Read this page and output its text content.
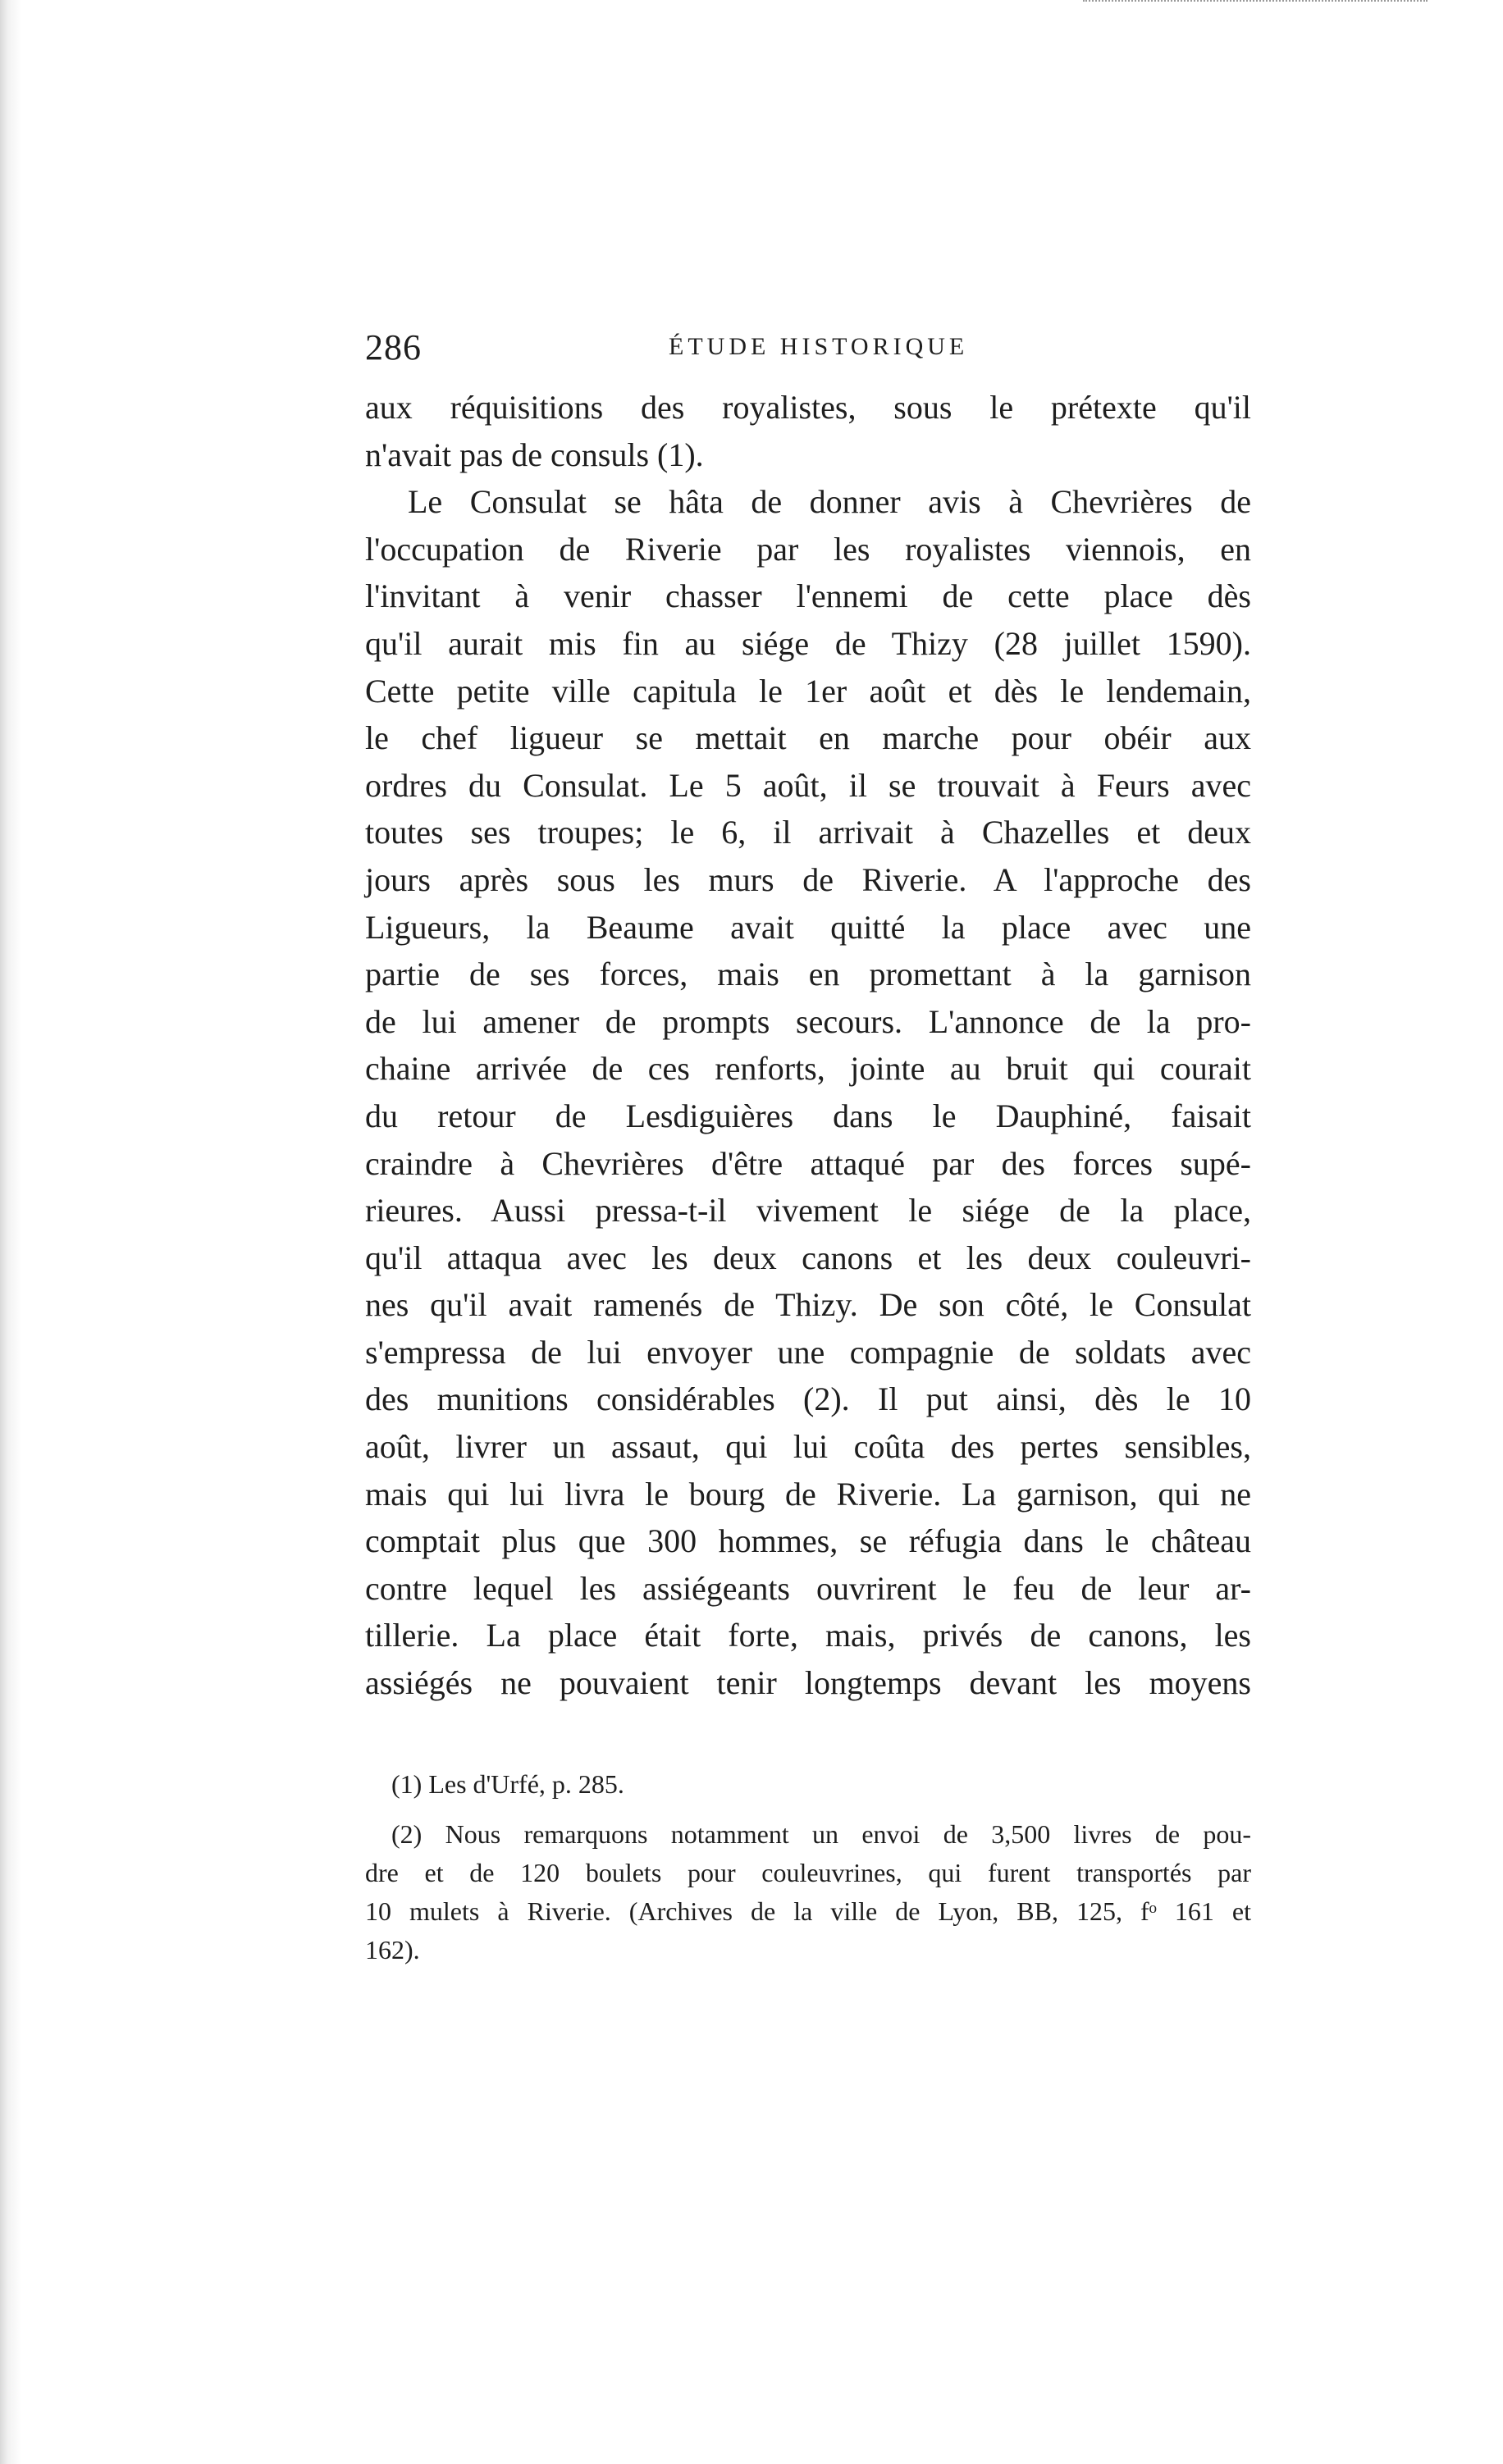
286	ÉTUDE HISTORIQUE
aux réquisitions des royalistes, sous le prétexte qu'il
n'avait pas de consuls (1).
Le Consulat se hâta de donner avis à Chevrières de
l'occupation de Riverie par les royalistes viennois, en
l'invitant à venir chasser l'ennemi de cette place dès
qu'il aurait mis fin au siége de Thizy (28 juillet 1590).
Cette petite ville capitula le 1er août et dès le lendemain,
le chef ligueur se mettait en marche pour obéir aux
ordres du Consulat. Le 5 août, il se trouvait à Feurs avec
toutes ses troupes; le 6, il arrivait à Chazelles et deux
jours après sous les murs de Riverie. A l'approche des
Ligueurs, la Beaume avait quitté la place avec une
partie de ses forces, mais en promettant à la garnison
de lui amener de prompts secours. L'annonce de la pro-
chaine arrivée de ces renforts, jointe au bruit qui courait
du retour de Lesdiguières dans le Dauphiné, faisait
craindre à Chevrières d'être attaqué par des forces supé-
rieures. Aussi pressa-t-il vivement le siége de la place,
qu'il attaqua avec les deux canons et les deux couleuvri-
nes qu'il avait ramenés de Thizy. De son côté, le Consulat
s'empressa de lui envoyer une compagnie de soldats avec
des munitions considérables (2). Il put ainsi, dès le 10
août, livrer un assaut, qui lui coûta des pertes sensibles,
mais qui lui livra le bourg de Riverie. La garnison, qui ne
comptait plus que 300 hommes, se réfugia dans le château
contre lequel les assiégeants ouvrirent le feu de leur ar-
tillerie. La place était forte, mais, privés de canons, les
assiégés ne pouvaient tenir longtemps devant les moyens
(1) Les d'Urfé, p. 285.
(2) Nous remarquons notamment un envoi de 3,500 livres de pou-
dre et de 120 boulets pour couleuvrines, qui furent transportés par
10 mulets à Riverie. (Archives de la ville de Lyon, BB, 125, fᵒ 161 et
162).
